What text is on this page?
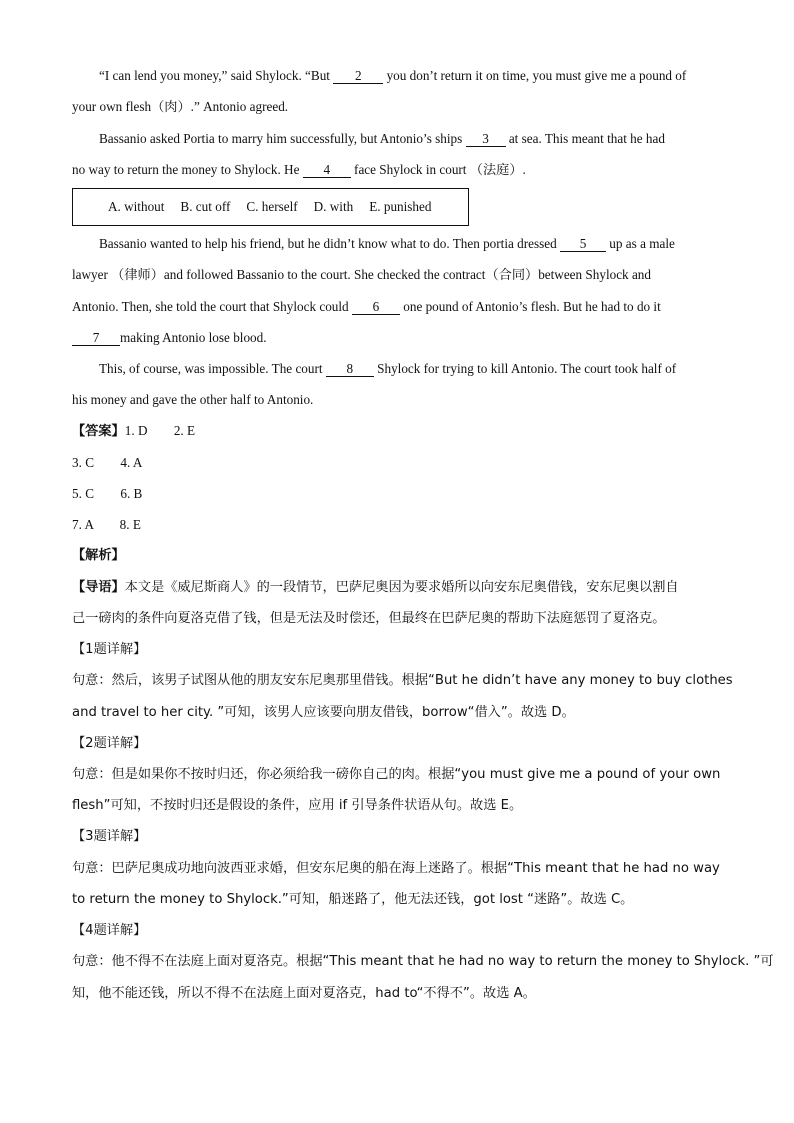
“I can lend you money,” said Shylock. “But 2 you don’t return it on time, you must give me a pound of
your own flesh（肉）.” Antonio agreed.
Bassanio asked Portia to marry him successfully, but Antonio’s ships 3 at sea. This meant that he had
no way to return the money to Shylock. He 4 face Shylock in court （法庭）.
A. without B. cut off C. herself D. with E. punished
Bassanio wanted to help his friend, but he didn’t know what to do. Then portia dressed 5 up as a male
lawyer （律师）and followed Bassanio to the court. She checked the contract（合同）between Shylock and
Antonio. Then, she told the court that Shylock could 6 one pound of Antonio’s flesh. But he had to do it
7 making Antonio lose blood.
This, of course, was impossible. The court 8 Shylock for trying to kill Antonio. The court took half of
his money and gave the other half to Antonio.
【答案】1. D        2. E
3. C        4. A
5. C        6. B
7. A        8. E
【解析】
【导语】本文是《威尼斯商人》的一段情节，巴萨尼奥因为要求婚所以向安东尼奥借钱，安东尼奥以割自
己一磅肉的条件向夏洛克借了钱，但是无法及时偿还，但最终在巴萨尼奥的帮助下法庭惩罚了夏洛克。
【1题详解】
句意：然后，该男子试图从他的朋友安东尼奥那里借钱。根据“But he didn’t have any money to buy clothes
and travel to her city. ”可知，该男人应该要向朋友借钱，borrow“借入”。故选 D。
【2题详解】
句意：但是如果你不按时归还，你必须给我一磅你自己的肉。根据“you must give me a pound of your own
flesh”可知，不按时归还是假设的条件，应用 if 引导条件状语从句。故选 E。
【3题详解】
句意：巴萨尼奥成功地向波西亚求婚，但安东尼奥的船在海上迷路了。根据“This meant that he had no way
to return the money to Shylock.”可知，船迷路了，他无法还钱，got lost “迷路”。故选 C。
【4题详解】
句意：他不得不在法庭上面对夏洛克。根据“This meant that he had no way to return the money to Shylock. ”可
知，他不能还钱，所以不得不在法庭上面对夏洛克，had to“不得不”。故选 A。
